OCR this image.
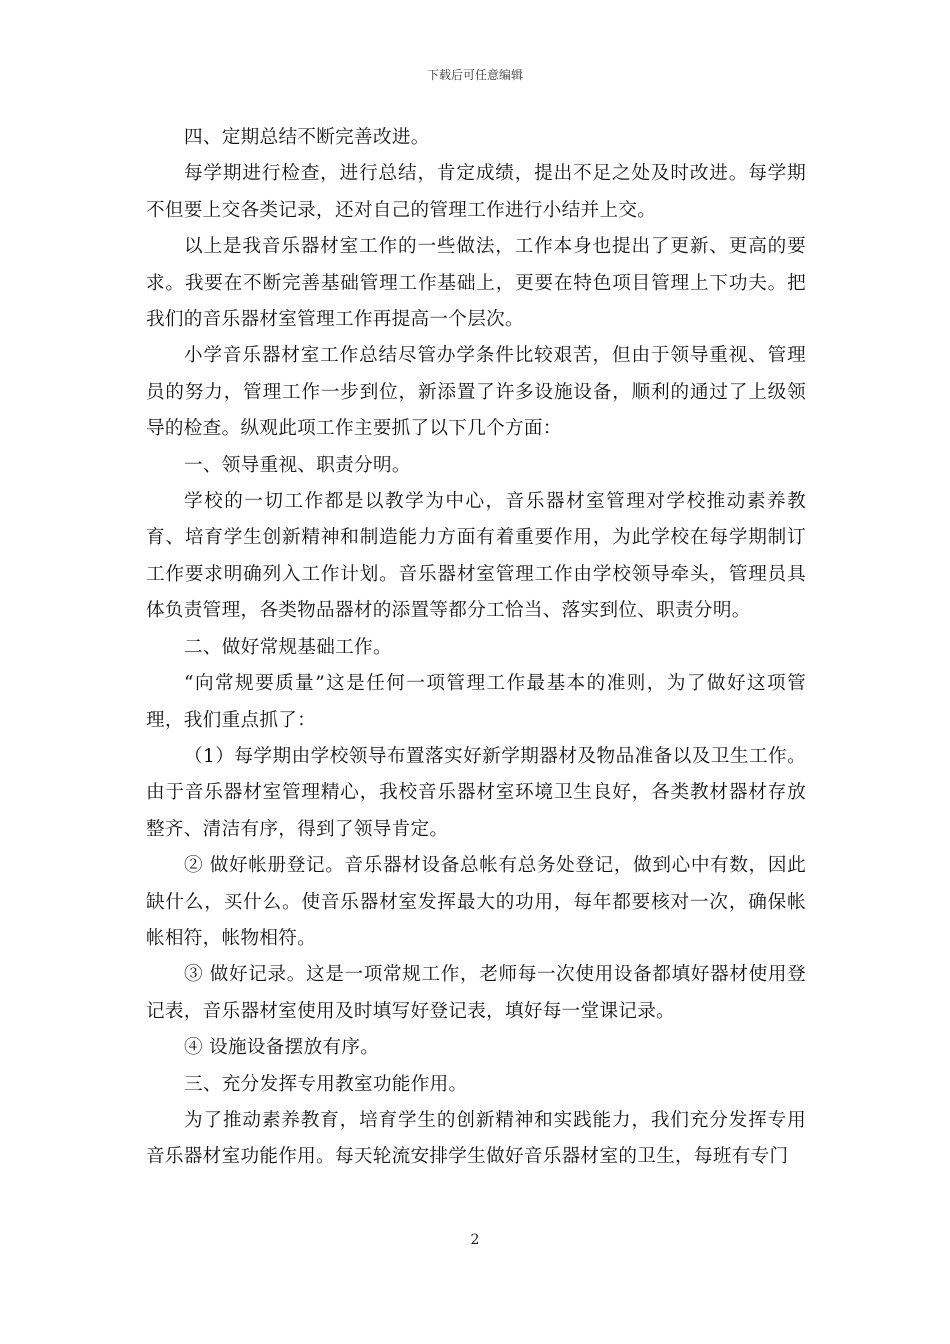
下载后可任意编辑

四、定期总结不断完善改进。

每学期进行检查，进行总结，肯定成绩，提出不足之处及时改进。每学期不但要上交各类记录，还对自己的管理工作进行小结并上交。

以上是我音乐器材室工作的一些做法，工作本身也提出了更新、更高的要求。我要在不断完善基础管理工作基础上，更要在特色项目管理上下功夫。把我们的音乐器材室管理工作再提高一个层次。

小学音乐器材室工作总结尽管办学条件比较艰苦，但由于领导重视、管理员的努力，管理工作一步到位，新添置了许多设施设备，顺利的通过了上级领导的检查。纵观此项工作主要抓了以下几个方面：

一、领导重视、职责分明。

学校的一切工作都是以教学为中心，音乐器材室管理对学校推动素养教育、培育学生创新精神和制造能力方面有着重要作用，为此学校在每学期制订工作要求明确列入工作计划。音乐器材室管理工作由学校领导牵头，管理员具体负责管理，各类物品器材的添置等都分工恰当、落实到位、职责分明。

二、做好常规基础工作。

“向常规要质量”这是任何一项管理工作最基本的准则，为了做好这项管理，我们重点抓了：

（1）每学期由学校领导布置落实好新学期器材及物品准备以及卫生工作。由于音乐器材室管理精心，我校音乐器材室环境卫生良好，各类教材器材存放整齐、清洁有序，得到了领导肯定。

② 做好帐册登记。音乐器材设备总帐有总务处登记，做到心中有数，因此缺什么，买什么。使音乐器材室发挥最大的功用，每年都要核对一次，确保帐帐相符，帐物相符。

③ 做好记录。这是一项常规工作，老师每一次使用设备都填好器材使用登记表，音乐器材室使用及时填写好登记表，填好每一堂课记录。

④ 设施设备摆放有序。

三、充分发挥专用教室功能作用。

为了推动素养教育，培育学生的创新精神和实践能力，我们充分发挥专用音乐器材室功能作用。每天轮流安排学生做好音乐器材室的卫生，每班有专门

2
